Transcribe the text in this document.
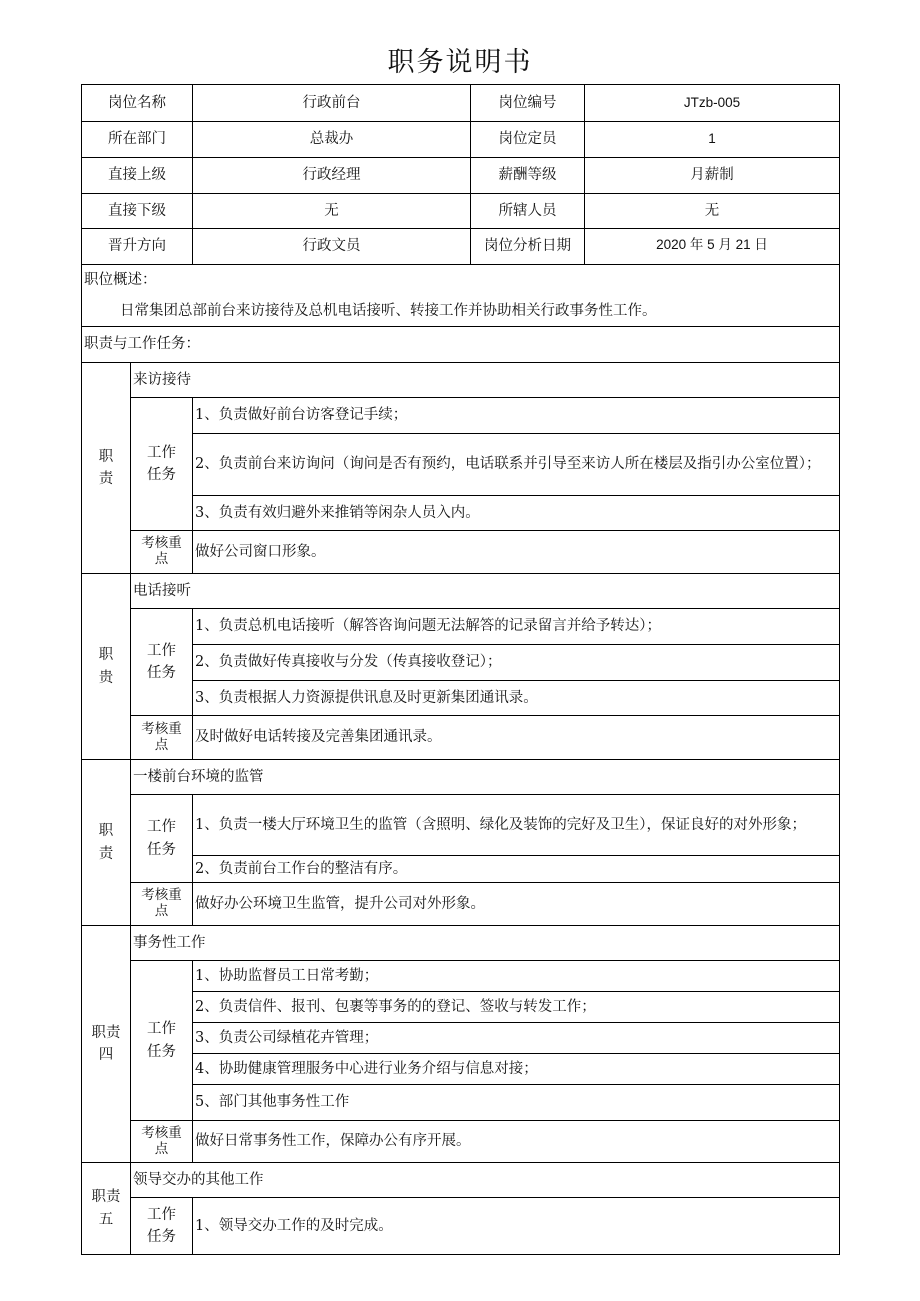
职务说明书
岗位名称		行政前台	岗位编号	JTzb-005
所在部门		总裁办	岗位定员	1
直接上级		行政经理	薪酬等级	月薪制
直接下级		无	所辖人员	无
晋升方向		行政文员	岗位分析日期	2020 年 5 月 21 日

职位概述：
日常集团总部前台来访接待及总机电话接听、转接工作并协助相关行政事务性工作。				

职责与工作任务：				
职责	来访接待			
	工作任务	1、负责做好前台访客登记手续；		
		2、负责前台来访询问（询问是否有预约，电话联系并引导至来访人所在楼层及指引办公室位置）；		
		3、负责有效归避外来推销等闲杂人员入内。		
	考核重点	做好公司窗口形象。		
职贵	电话接听			
	工作任务	1、负责总机电话接听（解答咨询问题无法解答的记录留言并给予转达）；		
		2、负责做好传真接收与分发（传真接收登记）；		
		3、负责根据人力资源提供讯息及时更新集团通讯录。		
	考核重点	及时做好电话转接及完善集团通讯录。		
职责	一楼前台环境的监管			
	工作任务	1、负责一楼大厅环境卫生的监管（含照明、绿化及装饰的完好及卫生），保证良好的对外形象；		
		2、负责前台工作台的整洁有序。		
	考核重点	做好办公环境卫生监管，提升公司对外形象。		
职责四	事务性工作			
	工作任务	1、协助监督员工日常考勤；		
		2、负责信件、报刊、包裹等事务的的登记、签收与转发工作；		
		3、负责公司绿植花卉管理；		
		4、协助健康管理服务中心进行业务介绍与信息对接；		
		5、部门其他事务性工作		
	考核重点	做好日常事务性工作，保障办公有序开展。		
职责五	领导交办的其他工作			
	工作任务	1、领导交办工作的及时完成。		
